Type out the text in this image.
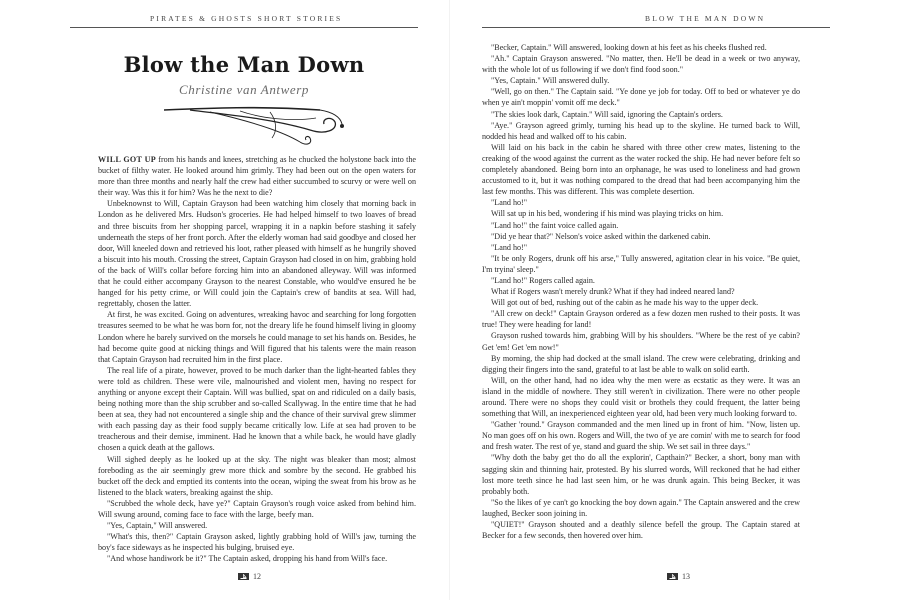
PIRATES & GHOSTS SHORT STORIES
Blow the Man Down
Christine van Antwerp

WILL GOT UP from his hands and knees, stretching as he chucked the holystone back into the bucket of filthy water. He looked around him grimly. They had been out on the open waters for more than three months and nearly half the crew had either succumbed to scurvy or were well on their way. Was this it for him? Was he the next to die?

Unbeknownst to Will, Captain Grayson had been watching him closely that morning back in London as he delivered Mrs. Hudson's groceries. He had helped himself to two loaves of bread and three biscuits from her shopping parcel, wrapping it in a napkin before stashing it safely underneath the steps of her front porch. After the elderly woman had said goodbye and closed her door, Will kneeled down and retrieved his loot, rather pleased with himself as he hungrily shoved a biscuit into his mouth. Crossing the street, Captain Grayson had closed in on him, grabbing hold of the back of Will's collar before forcing him into an abandoned alleyway. Will was informed that he could either accompany Grayson to the nearest Constable, who would've ensured he be hanged for his petty crime, or Will could join the Captain's crew of bandits at sea. Will had, regrettably, chosen the latter.

At first, he was excited. Going on adventures, wreaking havoc and searching for long forgotten treasures seemed to be what he was born for, not the dreary life he found himself living in gloomy London where he barely survived on the morsels he could manage to set his hands on. Besides, he had become quite good at nicking things and Will figured that his talents were the main reason that Captain Grayson had recruited him in the first place.

The real life of a pirate, however, proved to be much darker than the light-hearted fables they were told as children. These were vile, malnourished and violent men, having no respect for anything or anyone except their Captain. Will was bullied, spat on and ridiculed on a daily basis, being nothing more than the ship scrubber and so-called Scallywag. In the entire time that he had been at sea, they had not encountered a single ship and the chance of their survival grew slimmer with each passing day as their food supply became critically low. Life at sea had proven to be treacherous and their demise, imminent. Had he known that a while back, he would have gladly chosen a quick death at the gallows.

Will sighed deeply as he looked up at the sky. The night was bleaker than most; almost foreboding as the air seemingly grew more thick and sombre by the second. He grabbed his bucket off the deck and emptied its contents into the ocean, wiping the sweat from his brow as he listened to the black waters, breaking against the ship.

"Scrubbed the whole deck, have ye?" Captain Grayson's rough voice asked from behind him. Will swung around, coming face to face with the large, beefy man.

"Yes, Captain," Will answered.

"What's this, then?" Captain Grayson asked, lightly grabbing hold of Will's jaw, turning the boy's face sideways as he inspected his bulging, bruised eye.

"And whose handiwork be it?" The Captain asked, dropping his hand from Will's face.

12
BLOW THE MAN DOWN

"Becker, Captain." Will answered, looking down at his feet as his cheeks flushed red.

"Ah." Captain Grayson answered. "No matter, then. He'll be dead in a week or two anyway, with the whole lot of us following if we don't find food soon."

"Yes, Captain." Will answered dully.

"Well, go on then." The Captain said. "Ye done ye job for today. Off to bed or whatever ye do when ye ain't moppin' vomit off me deck."

"The skies look dark, Captain." Will said, ignoring the Captain's orders.

"Aye." Grayson agreed grimly, turning his head up to the skyline. He turned back to Will, nodded his head and walked off to his cabin.

Will laid on his back in the cabin he shared with three other crew mates, listening to the creaking of the wood against the current as the water rocked the ship. He had never before felt so completely abandoned. Being born into an orphanage, he was used to loneliness and had grown accustomed to it, but it was nothing compared to the dread that had been accompanying him the last few months. This was different. This was complete desertion.

"Land ho!"

Will sat up in his bed, wondering if his mind was playing tricks on him.

"Land ho!" the faint voice called again.

"Did ye hear that?" Nelson's voice asked within the darkened cabin.

"Land ho!"

"It be only Rogers, drunk off his arse," Tully answered, agitation clear in his voice. "Be quiet, I'm tryina' sleep."

"Land ho!" Rogers called again.

What if Rogers wasn't merely drunk? What if they had indeed neared land?

Will got out of bed, rushing out of the cabin as he made his way to the upper deck.

"All crew on deck!" Captain Grayson ordered as a few dozen men rushed to their posts. It was true! They were heading for land!

Grayson rushed towards him, grabbing Will by his shoulders. "Where be the rest of ye cabin? Get 'em! Get 'em now!"

By morning, the ship had docked at the small island. The crew were celebrating, drinking and digging their fingers into the sand, grateful to at last be able to walk on solid earth.

Will, on the other hand, had no idea why the men were as ecstatic as they were. It was an island in the middle of nowhere. They still weren't in civilization. There were no other people around. There were no shops they could visit or brothels they could frequent, the latter being something that Will, an inexperienced eighteen year old, had been very much looking forward to.

"Gather 'round." Grayson commanded and the men lined up in front of him. "Now, listen up. No man goes off on his own. Rogers and Will, the two of ye are comin' with me to search for food and fresh water. The rest of ye, stand and guard the ship. We set sail in three days."

"Why doth the baby get tho do all the explorin', Capthain?" Becker, a short, bony man with sagging skin and thinning hair, protested. By his slurred words, Will reckoned that he had either lost more teeth since he had last seen him, or he was drunk again. This being Becker, it was probably both.

"So the likes of ye can't go knocking the boy down again." The Captain answered and the crew laughed, Becker soon joining in.

"QUIET!" Grayson shouted and a deathly silence befell the group. The Captain stared at Becker for a few seconds, then hovered over him.

13
